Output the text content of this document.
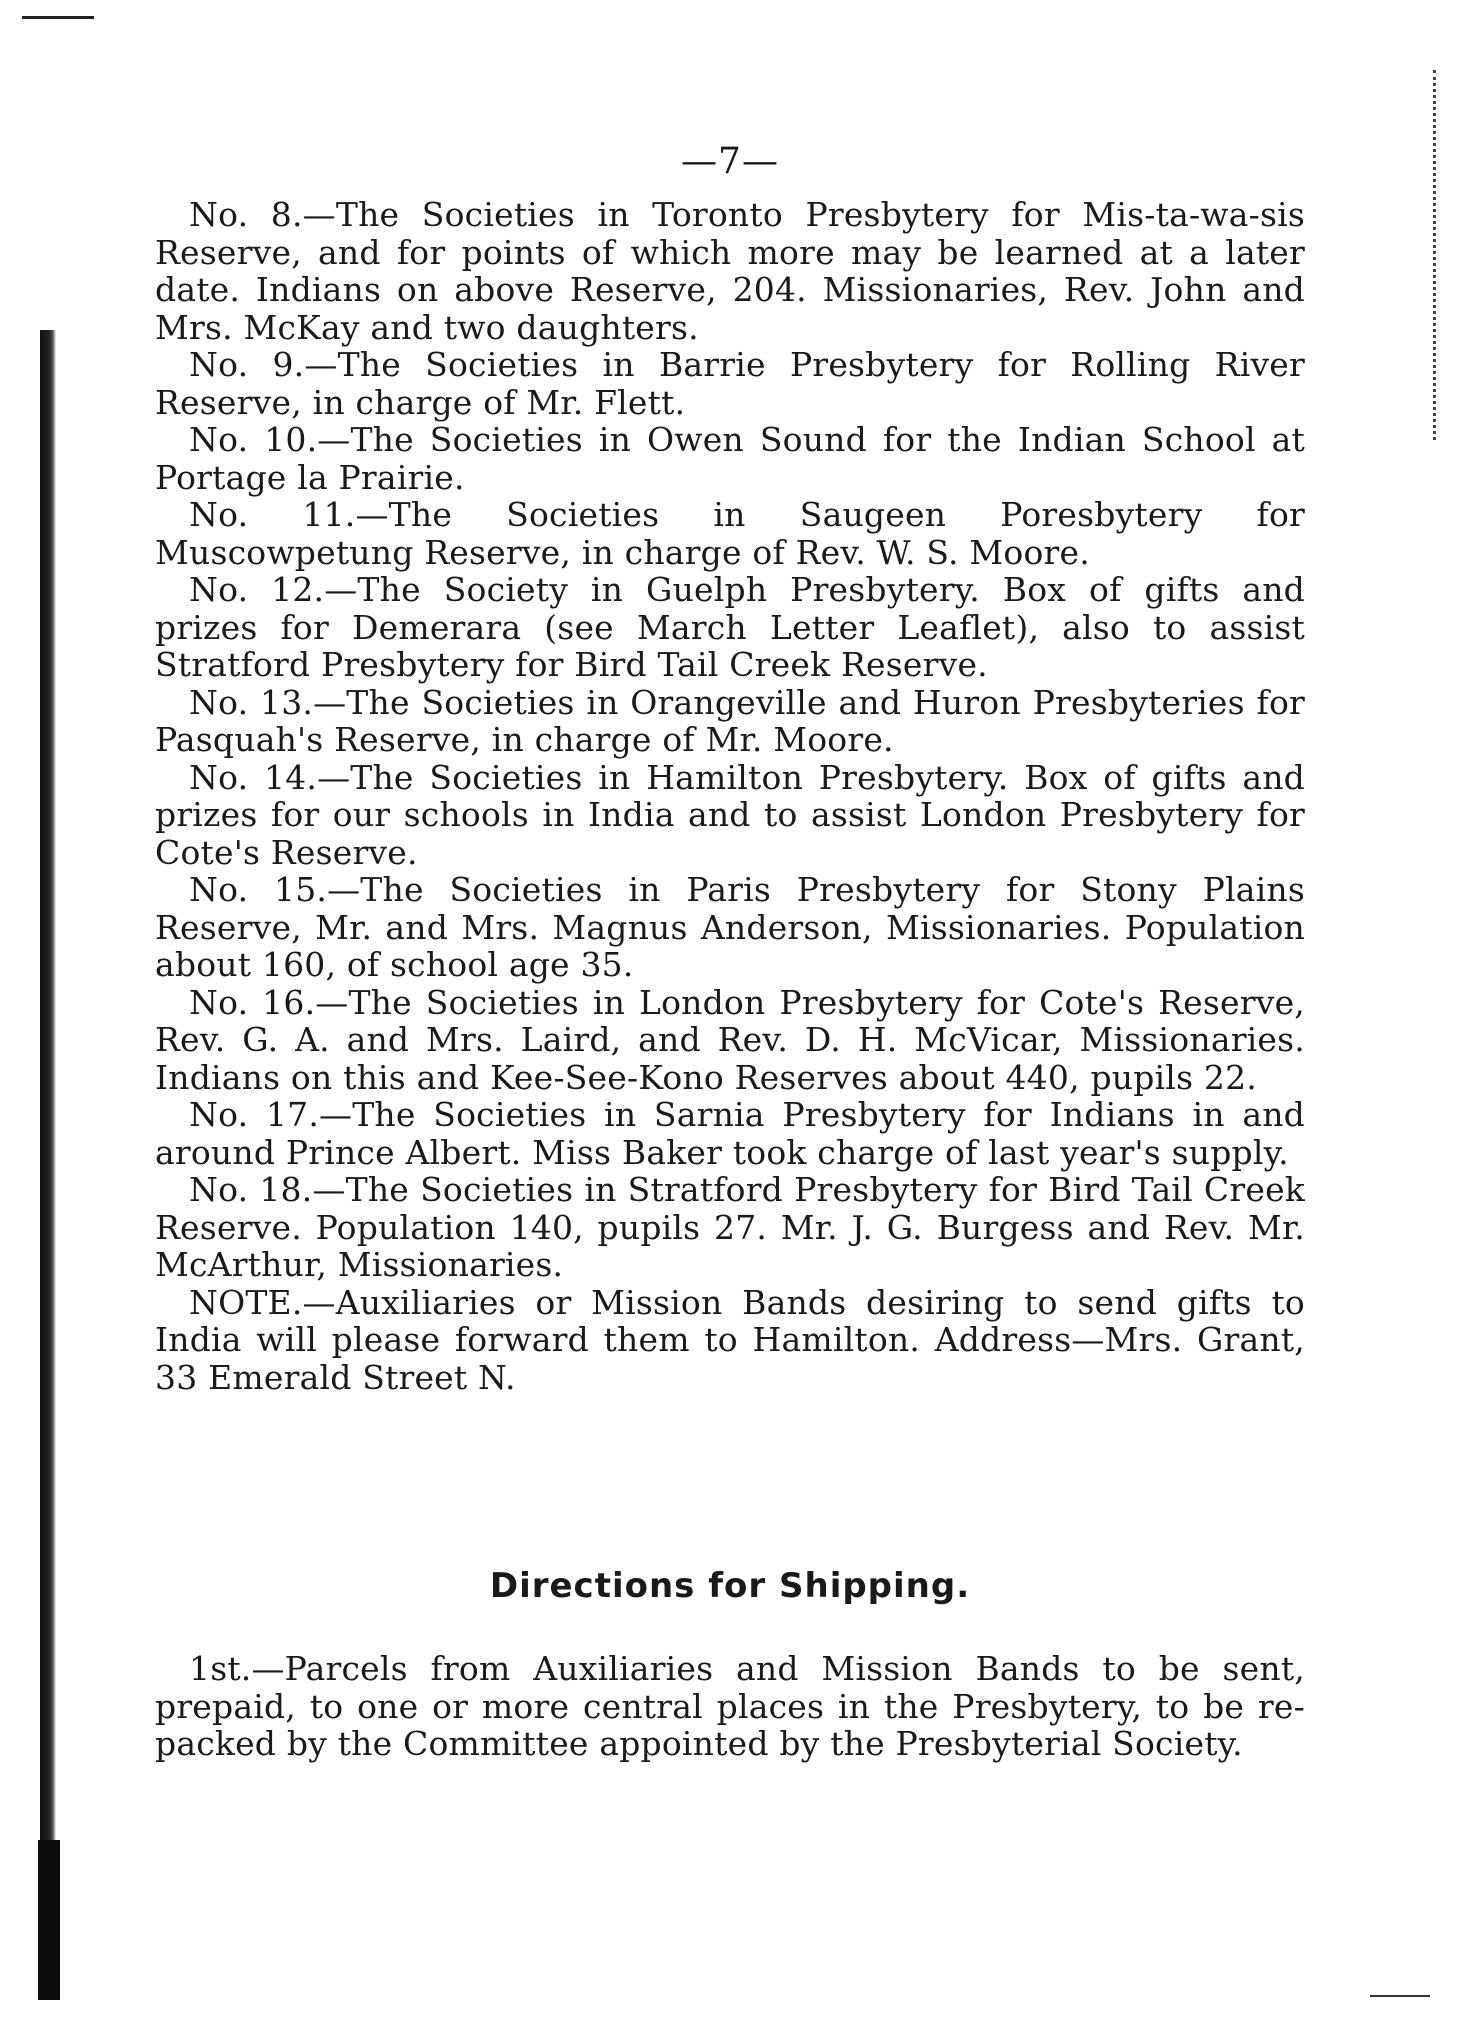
—7—

No. 8.—The Societies in Toronto Presbytery for Mis-ta-wa-sis Reserve, and for points of which more may be learned at a later date. Indians on above Reserve, 204. Missionaries, Rev. John and Mrs. McKay and two daughters.

No. 9.—The Societies in Barrie Presbytery for Rolling River Reserve, in charge of Mr. Flett.

No. 10.—The Societies in Owen Sound for the Indian School at Portage la Prairie.

No. 11.—The Societies in Saugeen Poresbytery for Muscowpetung Reserve, in charge of Rev. W. S. Moore.

No. 12.—The Society in Guelph Presbytery. Box of gifts and prizes for Demerara (see March Letter Leaflet), also to assist Stratford Presbytery for Bird Tail Creek Reserve.

No. 13.—The Societies in Orangeville and Huron Presbyteries for Pasquah's Reserve, in charge of Mr. Moore.

No. 14.—The Societies in Hamilton Presbytery. Box of gifts and prizes for our schools in India and to assist London Presbytery for Cote's Reserve.

No. 15.—The Societies in Paris Presbytery for Stony Plains Reserve, Mr. and Mrs. Magnus Anderson, Missionaries. Population about 160, of school age 35.

No. 16.—The Societies in London Presbytery for Cote's Reserve, Rev. G. A. and Mrs. Laird, and Rev. D. H. McVicar, Missionaries. Indians on this and Kee-See-Kono Reserves about 440, pupils 22.

No. 17.—The Societies in Sarnia Presbytery for Indians in and around Prince Albert. Miss Baker took charge of last year's supply.

No. 18.—The Societies in Stratford Presbytery for Bird Tail Creek Reserve. Population 140, pupils 27. Mr. J. G. Burgess and Rev. Mr. McArthur, Missionaries.

NOTE.—Auxiliaries or Mission Bands desiring to send gifts to India will please forward them to Hamilton. Address—Mrs. Grant, 33 Emerald Street N.

Directions for Shipping.

1st.—Parcels from Auxiliaries and Mission Bands to be sent, prepaid, to one or more central places in the Presbytery, to be re-packed by the Committee appointed by the Presbyterial Society.
